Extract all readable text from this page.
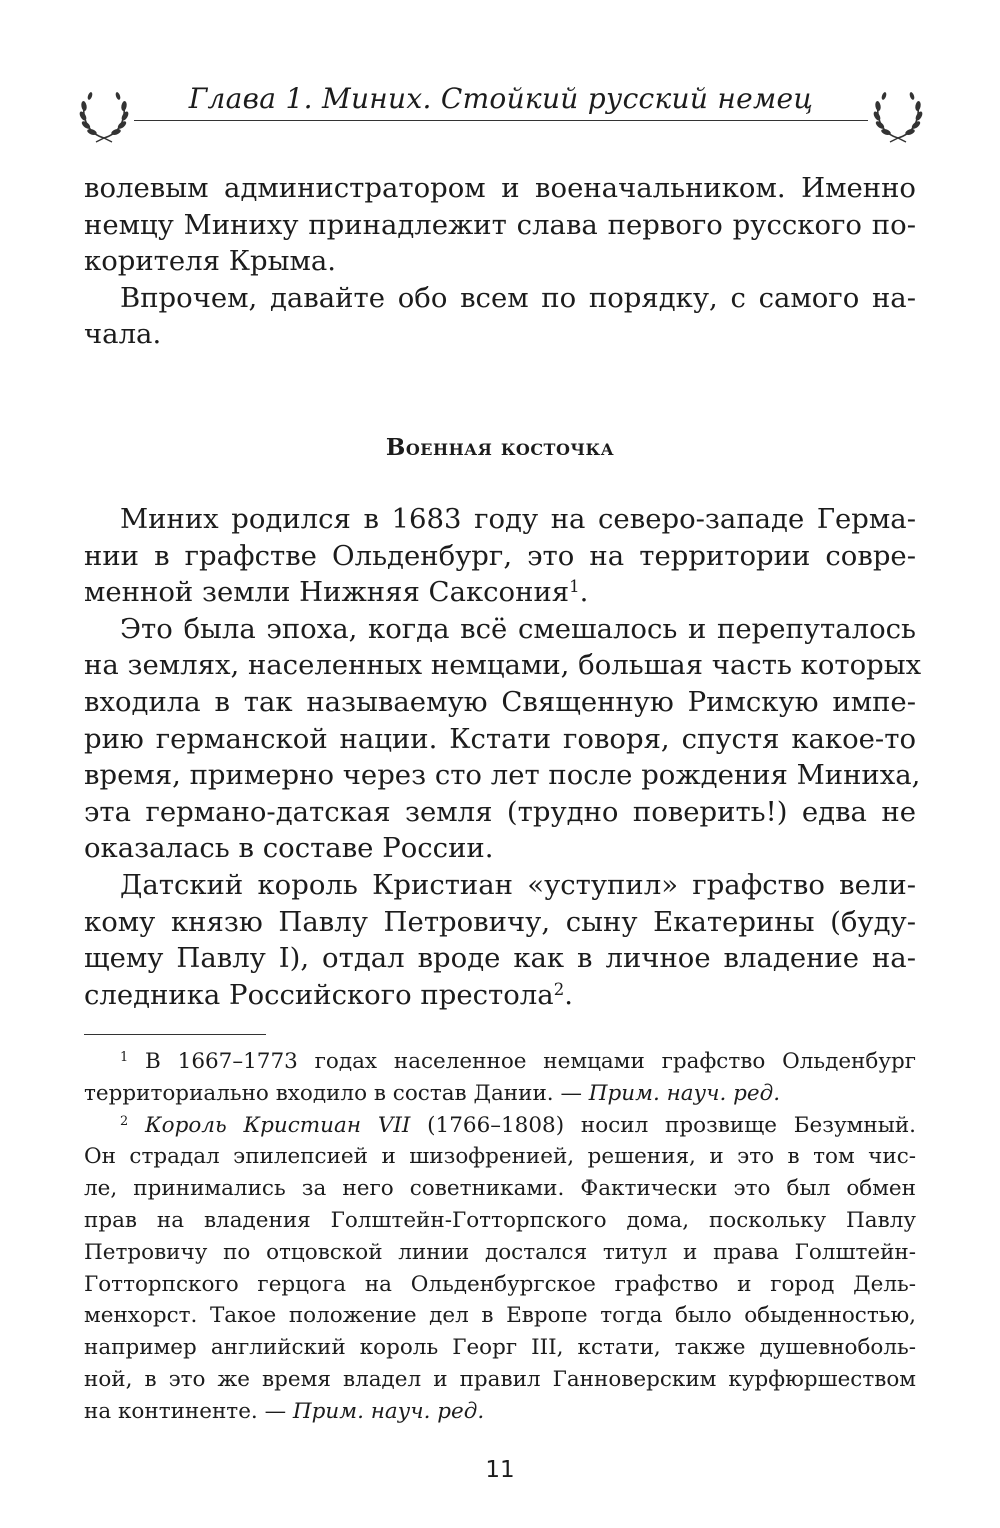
Глава 1. Миних. Стойкий русский немец
волевым администратором и военачальником. Именно
немцу Миниху принадлежит слава первого русского по-
корителя Крыма.
Впрочем, давайте обо всем по порядку, с самого на-
чала.
Военная косточка
Миних родился в 1683 году на северо-западе Герма-
нии в графстве Ольденбург, это на территории совре-
менной земли Нижняя Саксония$^1$.
Это была эпоха, когда всё смешалось и перепуталось
на землях, населенных немцами, большая часть которых
входила в так называемую Священную Римскую импе-
рию германской нации. Кстати говоря, спустя какое-то
время, примерно через сто лет после рождения Миниха,
эта германо-датская земля (трудно поверить!) едва не
оказалась в составе России.
Датский король Кристиан «уступил» графство вели-
кому князю Павлу Петровичу, сыну Екатерины (буду-
щему Павлу I), отдал вроде как в личное владение на-
следника Российского престола$^2$.
$^1$ В 1667–1773 годах населенное немцами графство Ольденбург
территориально входило в состав Дании. — Прим. науч. ред.
$^2$ Король Кристиан VII (1766–1808) носил прозвище Безумный.
Он страдал эпилепсией и шизофренией, решения, и это в том чис-
ле, принимались за него советниками. Фактически это был обмен
прав на владения Голштейн-Готторпского дома, поскольку Павлу
Петровичу по отцовской линии достался титул и права Голштейн-
Готторпского герцога на Ольденбургское графство и город Дель-
менхорст. Такое положение дел в Европе тогда было обыденностью,
например английский король Георг III, кстати, также душевноболь-
ной, в это же время владел и правил Ганноверским курфюршеством
на континенте. — Прим. науч. ред.
11
